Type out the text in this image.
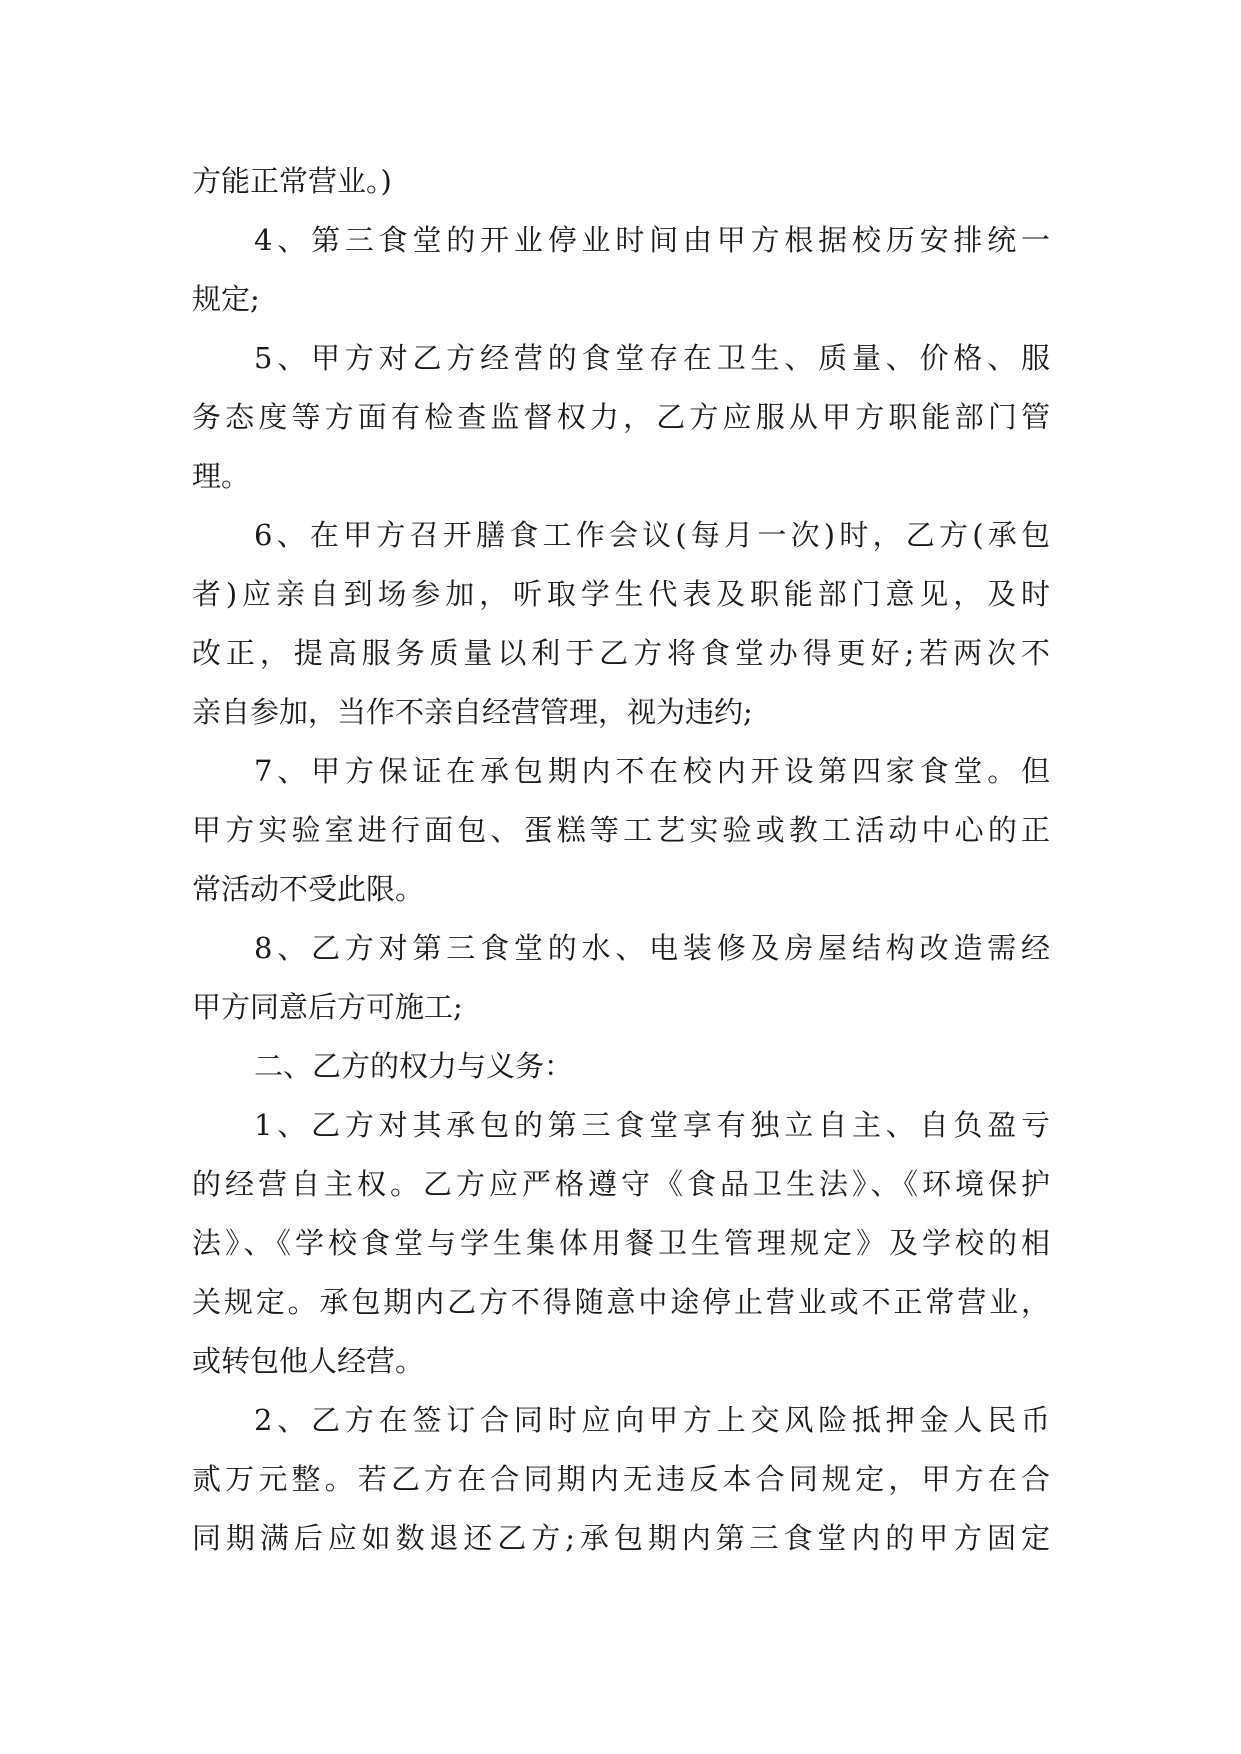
方能正常营业。)
4、第三食堂的开业停业时间由甲方根据校历安排统一
规定;
5、甲方对乙方经营的食堂存在卫生、质量、价格、服
务态度等方面有检查监督权力，乙方应服从甲方职能部门管
理。
6、在甲方召开膳食工作会议(每月一次)时，乙方(承包
者)应亲自到场参加，听取学生代表及职能部门意见，及时
改正，提高服务质量以利于乙方将食堂办得更好;若两次不
亲自参加，当作不亲自经营管理，视为违约;
7、甲方保证在承包期内不在校内开设第四家食堂。但
甲方实验室进行面包、蛋糕等工艺实验或教工活动中心的正
常活动不受此限。
8、乙方对第三食堂的水、电装修及房屋结构改造需经
甲方同意后方可施工;
二、乙方的权力与义务：
1、乙方对其承包的第三食堂享有独立自主、自负盈亏
的经营自主权。乙方应严格遵守《食品卫生法》、《环境保护
法》、《学校食堂与学生集体用餐卫生管理规定》及学校的相
关规定。承包期内乙方不得随意中途停止营业或不正常营业，
或转包他人经营。
2、乙方在签订合同时应向甲方上交风险抵押金人民币
贰万元整。若乙方在合同期内无违反本合同规定，甲方在合
同期满后应如数退还乙方;承包期内第三食堂内的甲方固定
